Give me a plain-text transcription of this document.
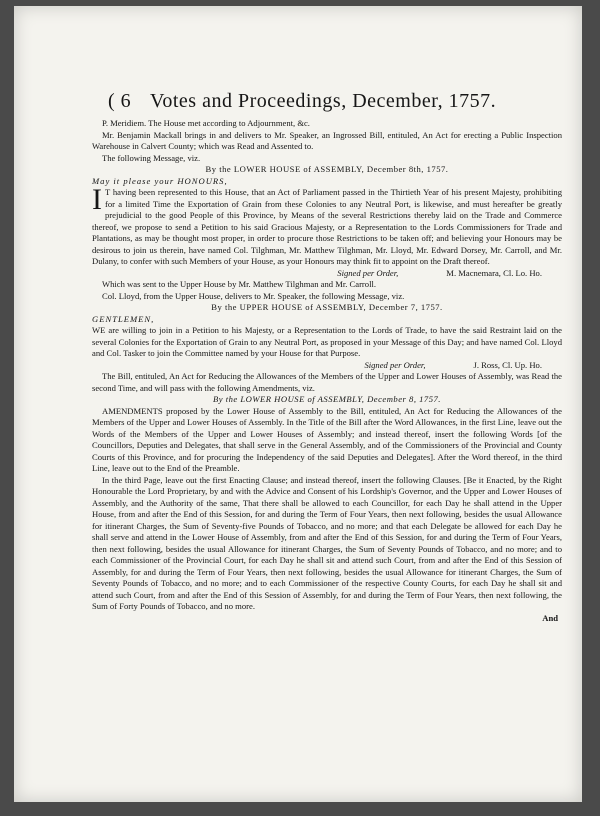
( 6 Votes and Proceedings, December, 1757.

P. Meridiem. The House met according to Adjournment, &c.

Mr. Benjamin Mackall brings in and delivers to Mr. Speaker, an Ingrossed Bill, entituled, An Act for erecting a Public Inspection Warehouse in Calvert County; which was Read and Assented to.

The following Message, viz.

By the LOWER HOUSE of ASSEMBLY, December 8th, 1757.

May it please your HONOURS,

I T having been represented to this House, that an Act of Parliament passed in the Thirtieth Year of his present Majesty, prohibiting for a limited Time the Exportation of Grain from these Colonies to any Neutral Port, is likewise, and must hereafter be greatly prejudicial to the good People of this Province, by Means of the several Restrictions thereby laid on the Trade and Commerce thereof, we propose to send a Petition to his said Gracious Majesty, or a Representation to the Lords Commissioners for Trade and Plantations, as may be thought most proper, in order to procure those Restrictions to be taken off; and believing your Honours may be desirous to join us therein, have named Col. Tilghman, Mr. Matthew Tilghman, Mr. Lloyd, Mr. Edward Dorsey, Mr. Carroll, and Mr. Dulany, to confer with such Members of your House, as your Honours may think fit to appoint on the Draft thereof.

Signed per Order,	M. Macnemara, Cl. Lo. Ho.

Which was sent to the Upper House by Mr. Matthew Tilghman and Mr. Carroll.

Col. Lloyd, from the Upper House, delivers to Mr. Speaker, the following Message, viz.

By the UPPER HOUSE of ASSEMBLY, December 7, 1757.

GENTLEMEN,

WE are willing to join in a Petition to his Majesty, or a Representation to the Lords of Trade, to have the said Restraint laid on the several Colonies for the Exportation of Grain to any Neutral Port, as proposed in your Message of this Day; and have named Col. Lloyd and Col. Tasker to join the Committee named by your House for that Purpose.

Signed per Order,	J. Ross, Cl. Up. Ho.

The Bill, entituled, An Act for Reducing the Allowances of the Members of the Upper and Lower Houses of Assembly, was Read the second Time, and will pass with the following Amendments, viz.

By the LOWER HOUSE of ASSEMBLY, December 8, 1757.

AMENDMENTS proposed by the Lower House of Assembly to the Bill, entituled, An Act for Reducing the Allowances of the Members of the Upper and Lower Houses of Assembly. In the Title of the Bill after the Word Allowances, in the first Line, leave out the Words of the Members of the Upper and Lower Houses of Assembly; and instead thereof, insert the following Words [of the Councillors, Deputies and Delegates, that shall serve in the General Assembly, and of the Commissioners of the Provincial and County Courts of this Province, and for procuring the Independency of the said Deputies and Delegates]. After the Word thereof, in the third Line, leave out to the End of the Preamble.

In the third Page, leave out the first Enacting Clause; and instead thereof, insert the following Clauses. [Be it Enacted, by the Right Honourable the Lord Proprietary, by and with the Advice and Consent of his Lordship's Governor, and the Upper and Lower Houses of Assembly, and the Authority of the same, That there shall be allowed to each Councillor, for each Day he shall attend in the Upper House, from and after the End of this Session, for and during the Term of Four Years, then next following, besides the usual Allowance for itinerant Charges, the Sum of Seventy-five Pounds of Tobacco, and no more; and that each Delegate be allowed for each Day he shall serve and attend in the Lower House of Assembly, from and after the End of this Session, for and during the Term of Four Years, then next following, besides the usual Allowance for itinerant Charges, the Sum of Seventy Pounds of Tobacco, and no more; and to each Commissioner of the Provincial Court, for each Day he shall sit and attend such Court, from and after the End of this Session of Assembly, for and during the Term of Four Years, then next following, besides the usual Allowance for itinerant Charges, the Sum of Seventy Pounds of Tobacco, and no more; and to each Commissioner of the respective County Courts, for each Day he shall sit and attend such Court, from and after the End of this Session of Assembly, for and during the Term of Four Years, then next following, the Sum of Forty Pounds of Tobacco, and no more.

And
